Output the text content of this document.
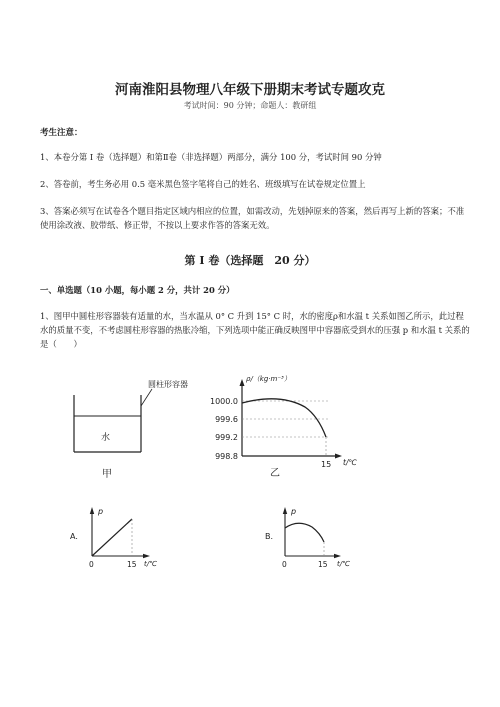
河南淮阳县物理八年级下册期末考试专题攻克
考试时间：90 分钟；命题人：教研组
考生注意：
1、本卷分第 I 卷（选择题）和第Ⅱ卷（非选择题）两部分，满分 100 分，考试时间 90 分钟
2、答卷前，考生务必用 0.5 毫米黑色签字笔将自己的姓名、班级填写在试卷规定位置上
3、答案必须写在试卷各个题目指定区域内相应的位置，如需改动，先划掉原来的答案，然后再写上新的答案；不准使用涂改液、胶带纸、修正带，不按以上要求作答的答案无效。
第 I 卷（选择题　20 分）
一、单选题（10 小题，每小题 2 分，共计 20 分）
1、图甲中圆柱形容器装有适量的水，当水温从 0° C 升到 15° C 时，水的密度ρ和水温 t 关系如图乙所示，此过程水的质量不变，不考虑圆柱形容器的热胀冷缩，下列选项中能正确反映图甲中容器底受到水的压强 p 和水温 t 关系的是（　　）
圆柱形容器
水
甲
ρ/（kg·m⁻³）
1000.0
999.6
999.2
998.8
15 t/℃
乙
A.
p
0	15 t/℃
B.
p
0	15 t/℃
